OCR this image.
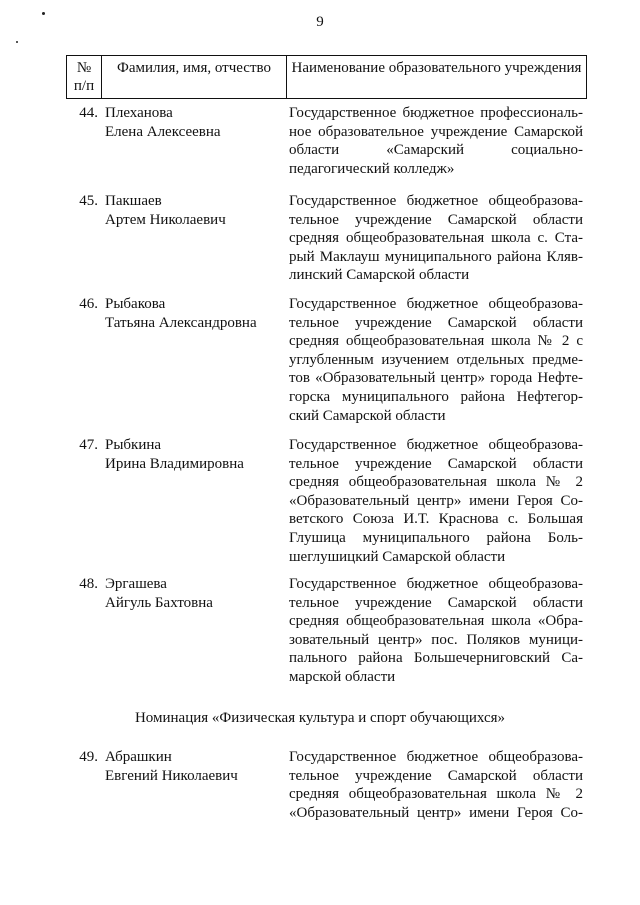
9
№
п/п
Фамилия, имя, отчество	Наименование образовательного учреждения
44. Плеханова
Елена Алексеевна
Государственное бюджетное профессиональ-
ное образовательное учреждение Самарской
области «Самарский социально-
педагогический колледж»
45. Пакшаев
Артем Николаевич
Государственное бюджетное общеобразова-
тельное учреждение Самарской области
средняя общеобразовательная школа с. Ста-
рый Маклауш муниципального района Кляв-
линский Самарской области
46. Рыбакова
Татьяна Александровна
Государственное бюджетное общеобразова-
тельное учреждение Самарской области
средняя общеобразовательная школа № 2 с
углубленным изучением отдельных предме-
тов «Образовательный центр» города Нефте-
горска муниципального района Нефтегор-
ский Самарской области
47. Рыбкина
Ирина Владимировна
Государственное бюджетное общеобразова-
тельное учреждение Самарской области
средняя общеобразовательная школа № 2
«Образовательный центр» имени Героя Со-
ветского Союза И.Т. Краснова с. Большая
Глушица муниципального района Боль-
шеглушицкий Самарской области
48. Эргашева
Айгуль Бахтовна
Государственное бюджетное общеобразова-
тельное учреждение Самарской области
средняя общеобразовательная школа «Обра-
зовательный центр» пос. Поляков муници-
пального района Большечерниговский Са-
марской области
Номинация «Физическая культура и спорт обучающихся»
49. Абрашкин
Евгений Николаевич
Государственное бюджетное общеобразова-
тельное учреждение Самарской области
средняя общеобразовательная школа № 2
«Образовательный центр» имени Героя Со-
